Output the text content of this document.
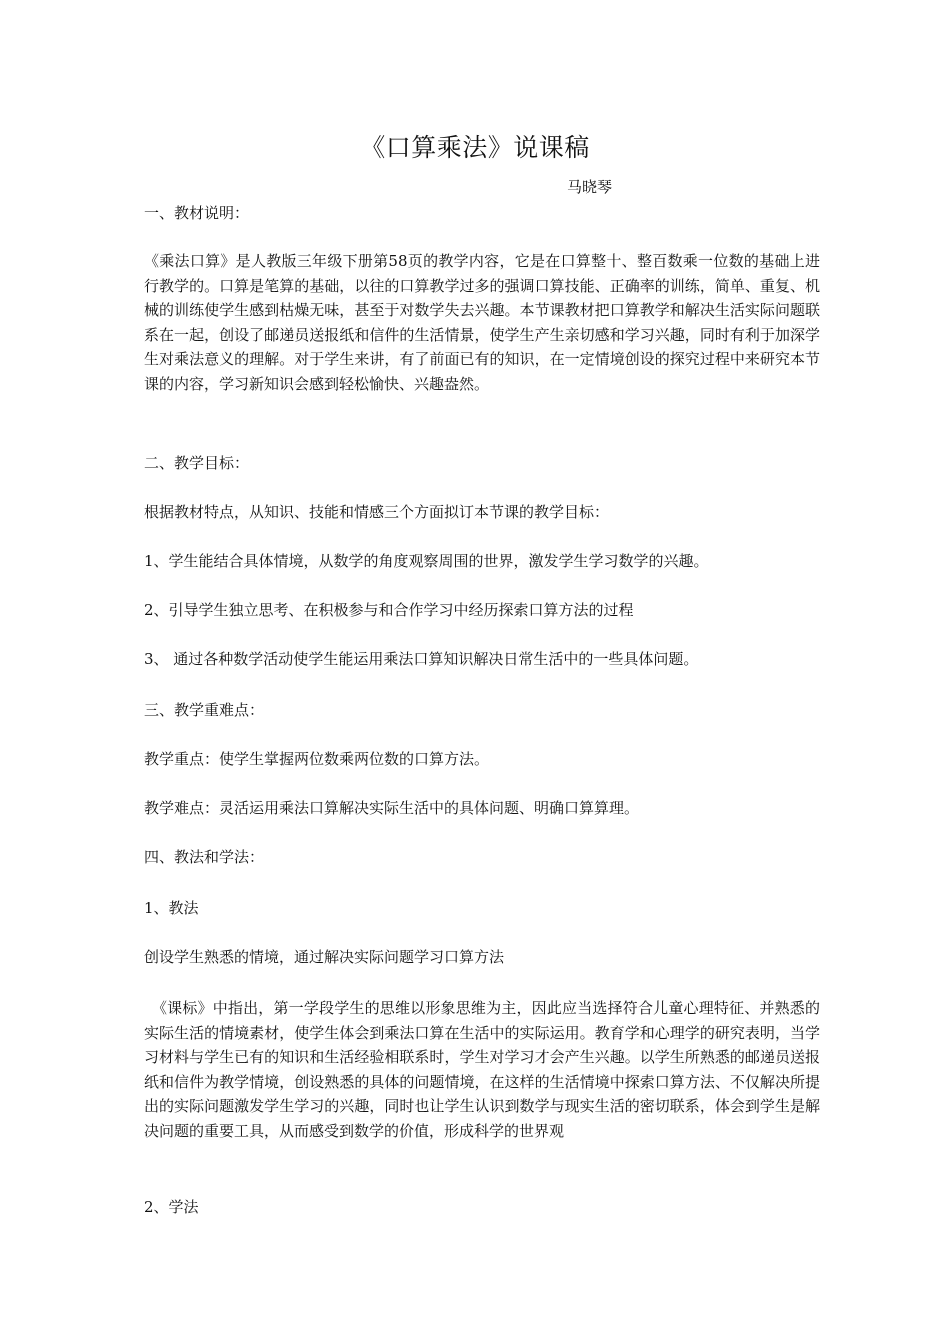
《口算乘法》说课稿
马晓琴
一、教材说明：

《乘法口算》是人教版三年级下册第58页的教学内容，它是在口算整十、整百数乘一位数的基础上进行教学的。口算是笔算的基础，以往的口算教学过多的强调口算技能、正确率的训练，简单、重复、机械的训练使学生感到枯燥无味，甚至于对数学失去兴趣。本节课教材把口算教学和解决生活实际问题联系在一起，创设了邮递员送报纸和信件的生活情景，使学生产生亲切感和学习兴趣，同时有利于加深学生对乘法意义的理解。对于学生来讲，有了前面已有的知识，在一定情境创设的探究过程中来研究本节课的内容，学习新知识会感到轻松愉快、兴趣盎然。

二、教学目标：
根据教材特点，从知识、技能和情感三个方面拟订本节课的教学目标：
1、学生能结合具体情境，从数学的角度观察周围的世界，激发学生学习数学的兴趣。
2、引导学生独立思考、在积极参与和合作学习中经历探索口算方法的过程
3、 通过各种数学活动使学生能运用乘法口算知识解决日常生活中的一些具体问题。
三、教学重难点：
教学重点：使学生掌握两位数乘两位数的口算方法。
教学难点：灵活运用乘法口算解决实际生活中的具体问题、明确口算算理。
四、教法和学法：
1、教法
创设学生熟悉的情境，通过解决实际问题学习口算方法

《课标》中指出，第一学段学生的思维以形象思维为主，因此应当选择符合儿童心理特征、并熟悉的实际生活的情境素材，使学生体会到乘法口算在生活中的实际运用。教育学和心理学的研究表明，当学习材料与学生已有的知识和生活经验相联系时，学生对学习才会产生兴趣。以学生所熟悉的邮递员送报纸和信件为教学情境，创设熟悉的具体的问题情境，在这样的生活情境中探索口算方法、不仅解决所提出的实际问题激发学生学习的兴趣，同时也让学生认识到数学与现实生活的密切联系，体会到学生是解决问题的重要工具，从而感受到数学的价值，形成科学的世界观

2、学法
